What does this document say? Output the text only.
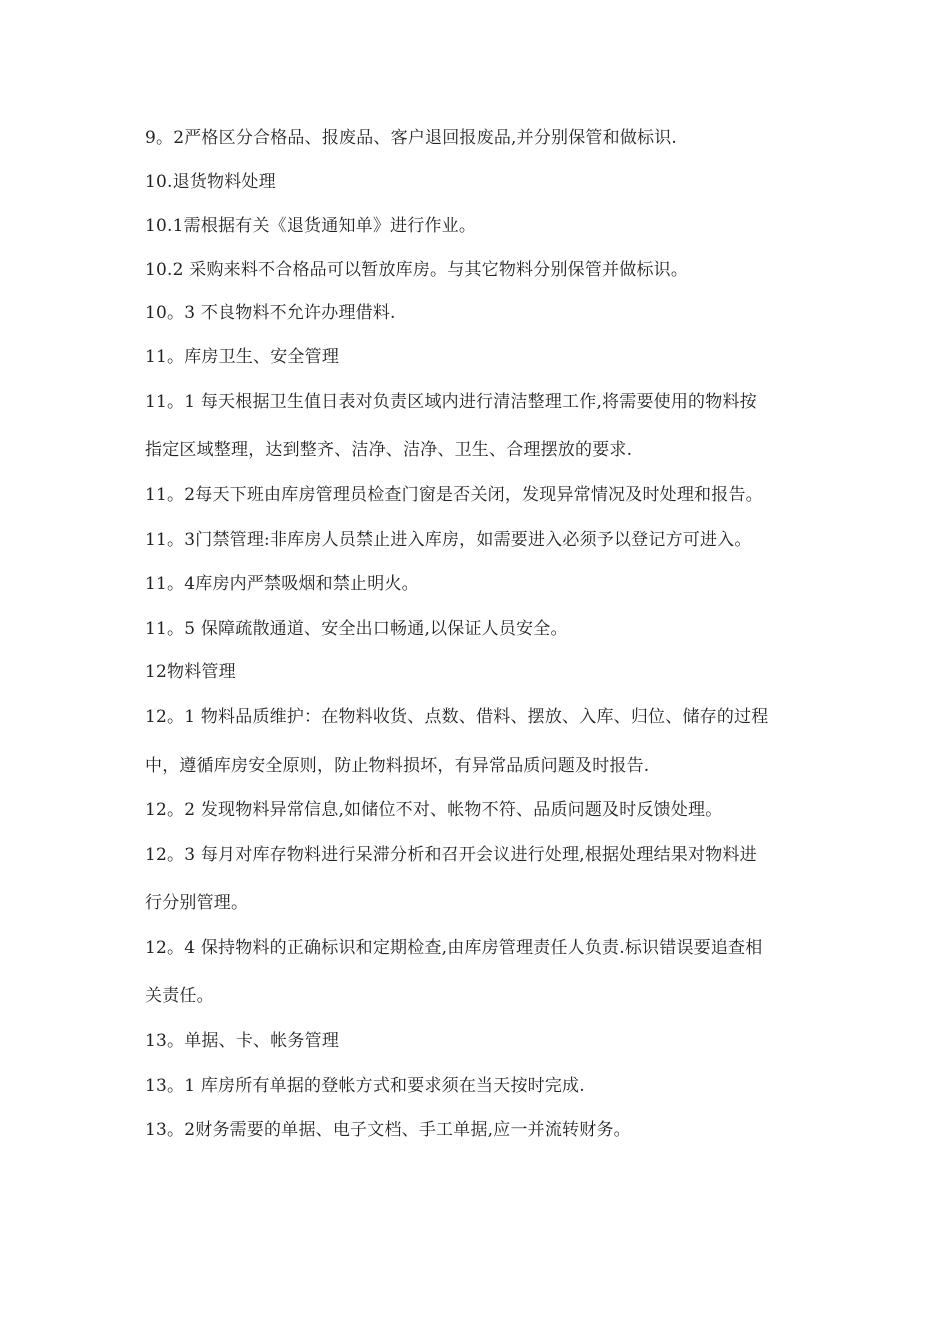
9。2严格区分合格品、报废品、客户退回报废品,并分别保管和做标识.
10.退货物料处理
10.1需根据有关《退货通知单》进行作业。
10.2 采购来料不合格品可以暂放库房。与其它物料分别保管并做标识。
10。3 不良物料不允许办理借料.
11。库房卫生、安全管理
11。1 每天根据卫生值日表对负责区域内进行清洁整理工作,将需要使用的物料按
指定区域整理，达到整齐、洁净、洁净、卫生、合理摆放的要求.
11。2每天下班由库房管理员检查门窗是否关闭，发现异常情况及时处理和报告。
11。3门禁管理:非库房人员禁止进入库房，如需要进入必须予以登记方可进入。
11。4库房内严禁吸烟和禁止明火。
11。5 保障疏散通道、安全出口畅通,以保证人员安全。
12物料管理
12。1 物料品质维护：在物料收货、点数、借料、摆放、入库、归位、储存的过程
中，遵循库房安全原则，防止物料损坏，有异常品质问题及时报告.
12。2 发现物料异常信息,如储位不对、帐物不符、品质问题及时反馈处理。
12。3 每月对库存物料进行呆滞分析和召开会议进行处理,根据处理结果对物料进
行分别管理。
12。4 保持物料的正确标识和定期检查,由库房管理责任人负责.标识错误要追查相
关责任。
13。单据、卡、帐务管理
13。1 库房所有单据的登帐方式和要求须在当天按时完成.
13。2财务需要的单据、电子文档、手工单据,应一并流转财务。
